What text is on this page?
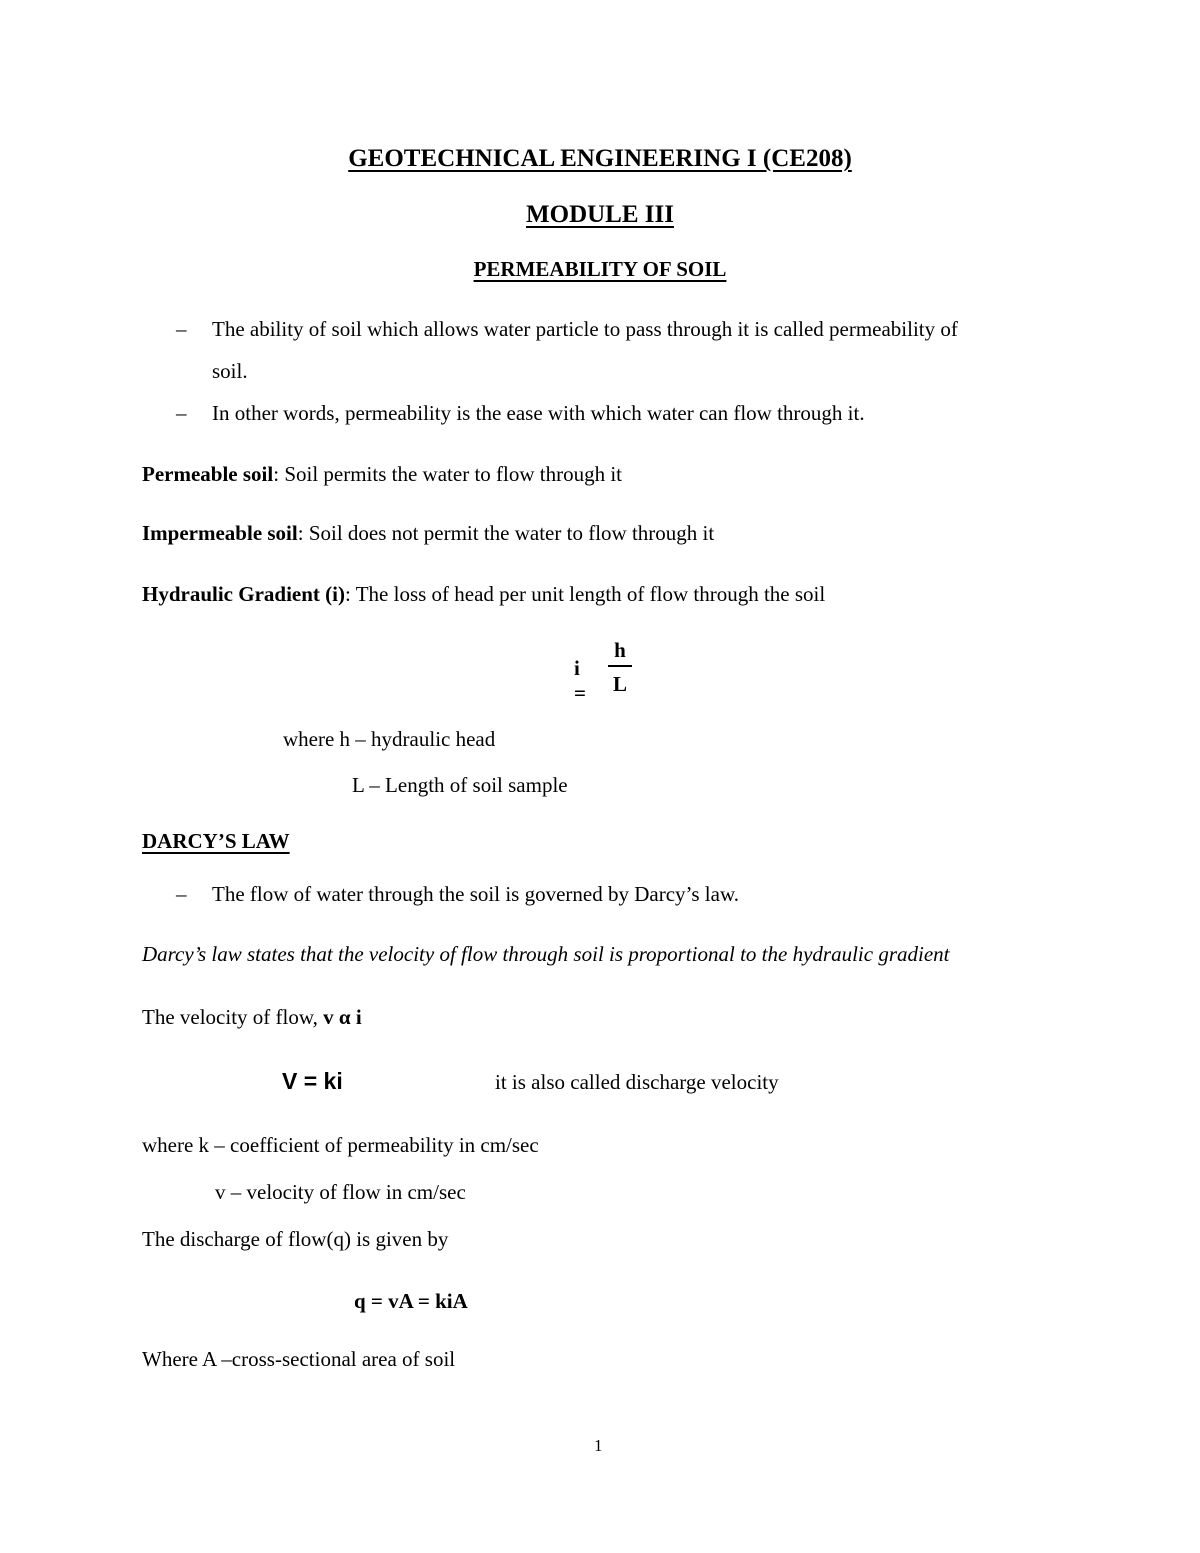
GEOTECHNICAL ENGINEERING I (CE208)
MODULE III
PERMEABILITY OF SOIL
– The ability of soil which allows water particle to pass through it is called permeability of
soil.
– In other words, permeability is the ease with which water can flow through it.
Permeable soil: Soil permits the water to flow through it
Impermeable soil: Soil does not permit the water to flow through it
Hydraulic Gradient (i): The loss of head per unit length of flow through the soil
i =
h
L
where h – hydraulic head
L – Length of soil sample
DARCY’S LAW
– The flow of water through the soil is governed by Darcy’s law.
Darcy’s law states that the velocity of flow through soil is proportional to the hydraulic gradient
The velocity of flow, v α i
V = ki	it is also called discharge velocity
where k – coefficient of permeability in cm/sec
v – velocity of flow in cm/sec
The discharge of flow(q) is given by
q = vA = kiA
Where A –cross-sectional area of soil
1
